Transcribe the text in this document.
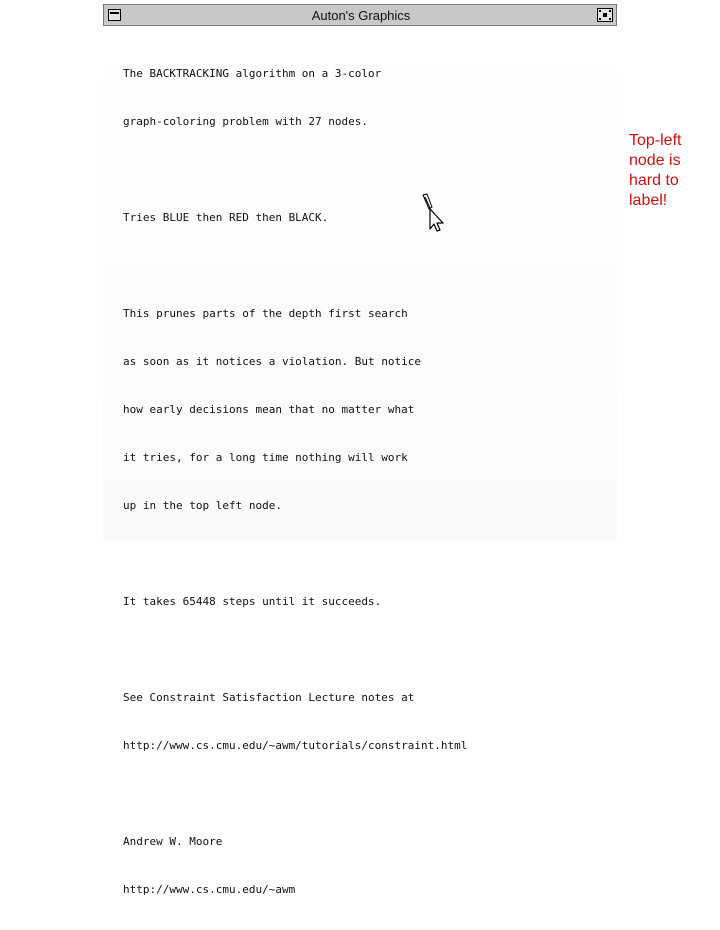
Auton's Graphics

The BACKTRACKING algorithm on a 3-color

graph-coloring problem with 27 nodes.

Tries BLUE then RED then BLACK.

This prunes parts of the depth first search

as soon as it notices a violation. But notice

how early decisions mean that no matter what

it tries, for a long time nothing will work

up in the top left node.

It takes 65448 steps until it succeeds.

See Constraint Satisfaction Lecture notes at

http://www.cs.cmu.edu/~awm/tutorials/constraint.html

Andrew W. Moore

http://www.cs.cmu.edu/~awm

Top-left
node is
hard to
label!
